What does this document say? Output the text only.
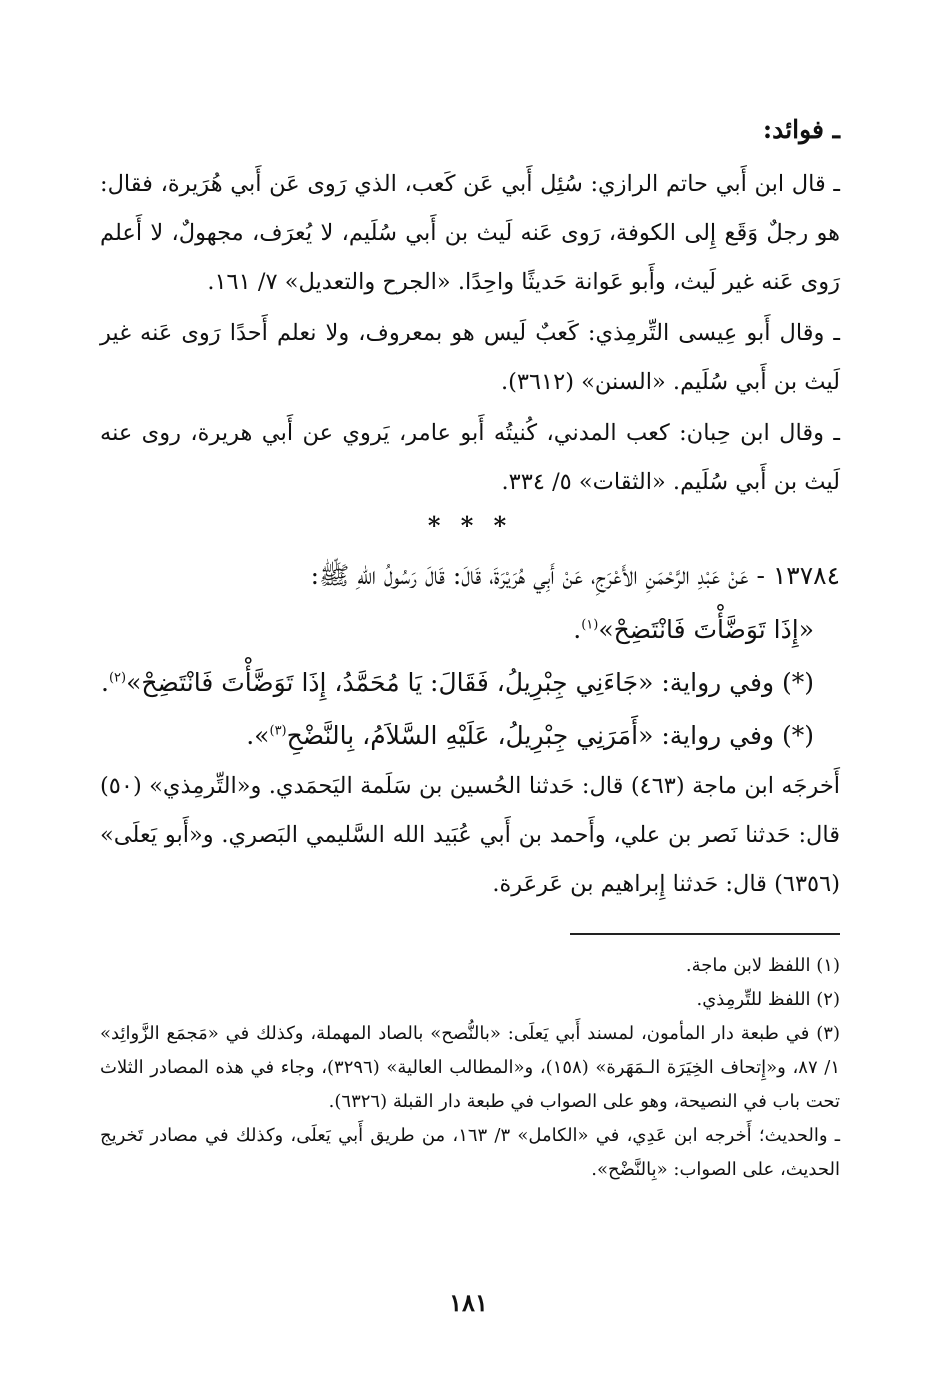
ـ فوائد:

ـ قال ابن أَبي حاتم الرازي: سُئِل أَبي عَن كَعب، الذي رَوى عَن أَبي هُرَيرة، فقال: هو رجلٌ وَقَع إِلى الكوفة، رَوى عَنه لَيث بن أَبي سُلَيم، لا يُعرَف، مجهولٌ، لا أَعلم رَوى عَنه غير لَيث، وأَبو عَوانة حَديثًا واحِدًا. «الجرح والتعديل» ٧/ ١٦١.

ـ وقال أَبو عِيسى التِّرمِذي: كَعبٌ لَيس هو بمعروف، ولا نعلم أَحدًا رَوى عَنه غير لَيث بن أَبي سُلَيم. «السنن» (٣٦١٢).

ـ وقال ابن حِبان: كعب المدني، كُنيتُه أَبو عامر، يَروي عن أَبي هريرة، روى عنه لَيث بن أَبي سُلَيم. «الثقات» ٥/ ٣٣٤.

* * *

١٣٧٨٤ - عَنْ عَبْدِ الرَّحْمَنِ الأَعْرَجِ، عَنْ أَبِي هُرَيْرَةَ، قَالَ: قَالَ رَسُولُ اللهِ ﷺ:

«إِذَا تَوَضَّأْتَ فَانْتَضِحْ»$^{(١)}$.

(*) وفي رواية: «جَاءَنِي جِبْرِيلُ، فَقَالَ: يَا مُحَمَّدُ، إِذَا تَوَضَّأْتَ فَانْتَضِحْ»$^{(٢)}$.

(*) وفي رواية: «أَمَرَنِي جِبْرِيلُ، عَلَيْهِ السَّلاَمُ، بِالنَّضْحِ$^{(٣)}$».

أَخرجَه ابن ماجة (٤٦٣) قال: حَدثنا الحُسين بن سَلَمة اليَحمَدي. و«التِّرمِذي» (٥٠) قال: حَدثنا نَصر بن علي، وأَحمد بن أَبي عُبَيد الله السَّليمي البَصري. و«أَبو يَعلَى» (٦٣٥٦) قال: حَدثنا إِبراهيم بن عَرعَرة.

(١) اللفظ لابن ماجة.

(٢) اللفظ للتِّرمِذي.

(٣) في طبعة دار المأمون، لمسند أَبي يَعلَى: «بالنُّصح» بالصاد المهملة، وكذلك في «مَجمَع الزَّوائِد» ١/ ٨٧، و«إِتحاف الخِيَرَة الـمَهَرة» (١٥٨)، و«المطالب العالية» (٣٢٩٦)، وجاء في هذه المصادر الثلاث تحت باب في النصيحة، وهو على الصواب في طبعة دار القبلة (٦٣٢٦).

ـ والحديث؛ أَخرجه ابن عَدِي، في «الكامل» ٣/ ١٦٣، من طريق أَبي يَعلَى، وكذلك في مصادر تَخريج الحديث، على الصواب: «بِالنَّضْح».

١٨١
